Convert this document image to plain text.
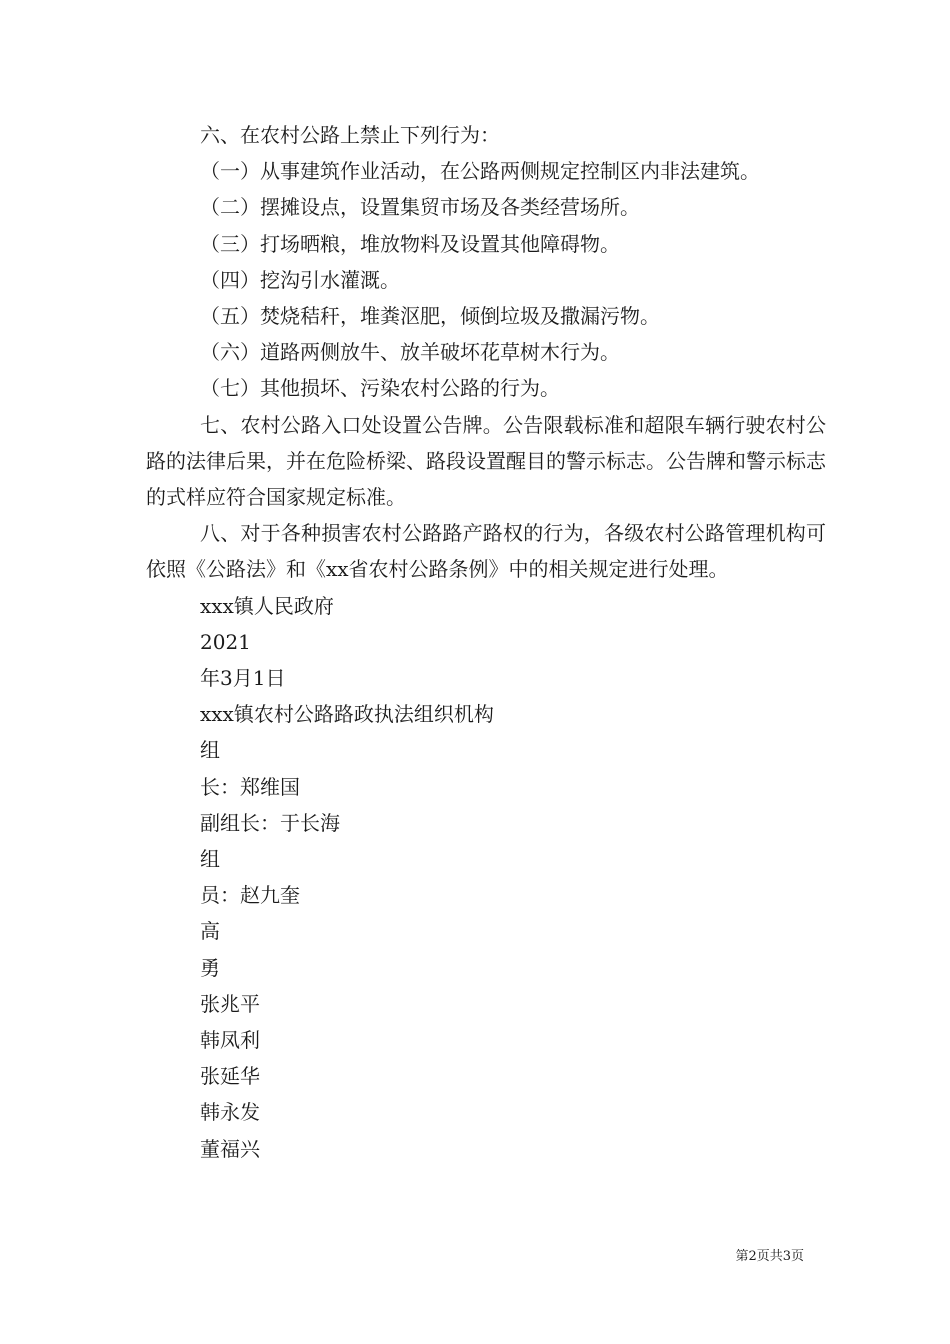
六、在农村公路上禁止下列行为：

（一）从事建筑作业活动，在公路两侧规定控制区内非法建筑。

（二）摆摊设点，设置集贸市场及各类经营场所。

（三）打场晒粮，堆放物料及设置其他障碍物。

（四）挖沟引水灌溉。

（五）焚烧秸秆，堆粪沤肥，倾倒垃圾及撒漏污物。

（六）道路两侧放牛、放羊破坏花草树木行为。

（七）其他损坏、污染农村公路的行为。

七、农村公路入口处设置公告牌。公告限载标准和超限车辆行驶农村公路的法律后果，并在危险桥梁、路段设置醒目的警示标志。公告牌和警示标志的式样应符合国家规定标准。

八、对于各种损害农村公路路产路权的行为，各级农村公路管理机构可依照《公路法》和《xx省农村公路条例》中的相关规定进行处理。

xxx镇人民政府

2021

年3月1日

xxx镇农村公路路政执法组织机构

组

长：郑维国

副组长：于长海

组

员：赵九奎

高

勇

张兆平

韩凤利

张延华

韩永发

董福兴

第2页共3页
